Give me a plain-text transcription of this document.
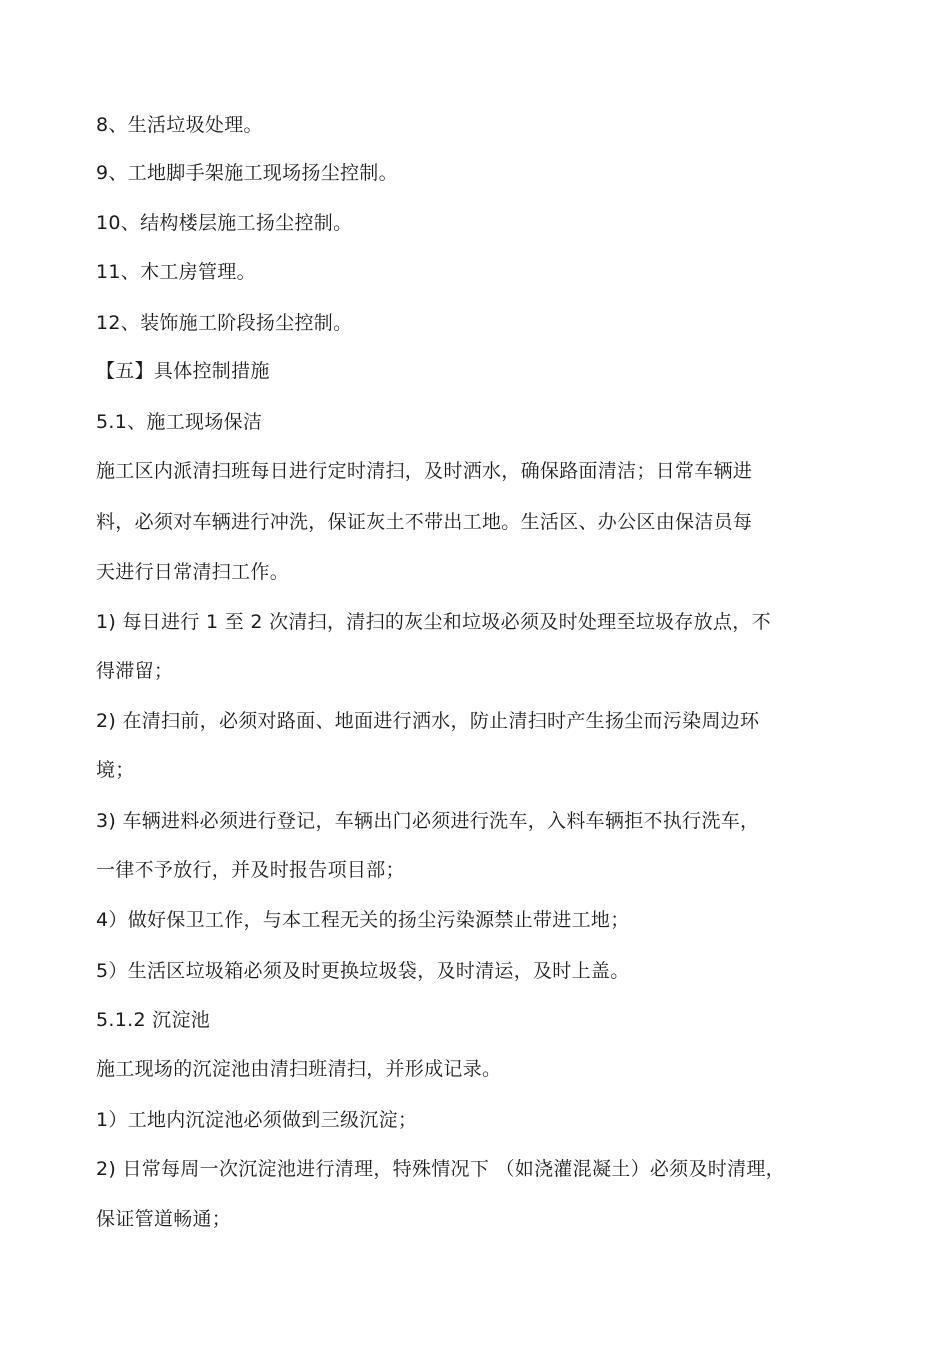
8、生活垃圾处理。
9、工地脚手架施工现场扬尘控制。
10、结构楼层施工扬尘控制。
11、木工房管理。
12、装饰施工阶段扬尘控制。
【五】具体控制措施
5.1、施工现场保洁
施工区内派清扫班每日进行定时清扫，及时洒水，确保路面清洁；日常车辆进
料，必须对车辆进行冲洗，保证灰土不带出工地。生活区、办公区由保洁员每
天进行日常清扫工作。
1) 每日进行 1 至 2 次清扫，清扫的灰尘和垃圾必须及时处理至垃圾存放点，不
得滞留；
2) 在清扫前，必须对路面、地面进行洒水，防止清扫时产生扬尘而污染周边环
境；
3) 车辆进料必须进行登记，车辆出门必须进行洗车，入料车辆拒不执行洗车，
一律不予放行，并及时报告项目部；
4）做好保卫工作，与本工程无关的扬尘污染源禁止带进工地；
5）生活区垃圾箱必须及时更换垃圾袋，及时清运，及时上盖。
5.1.2 沉淀池
施工现场的沉淀池由清扫班清扫，并形成记录。
1）工地内沉淀池必须做到三级沉淀；
2) 日常每周一次沉淀池进行清理，特殊情况下 （如浇灌混凝土）必须及时清理，
保证管道畅通；
